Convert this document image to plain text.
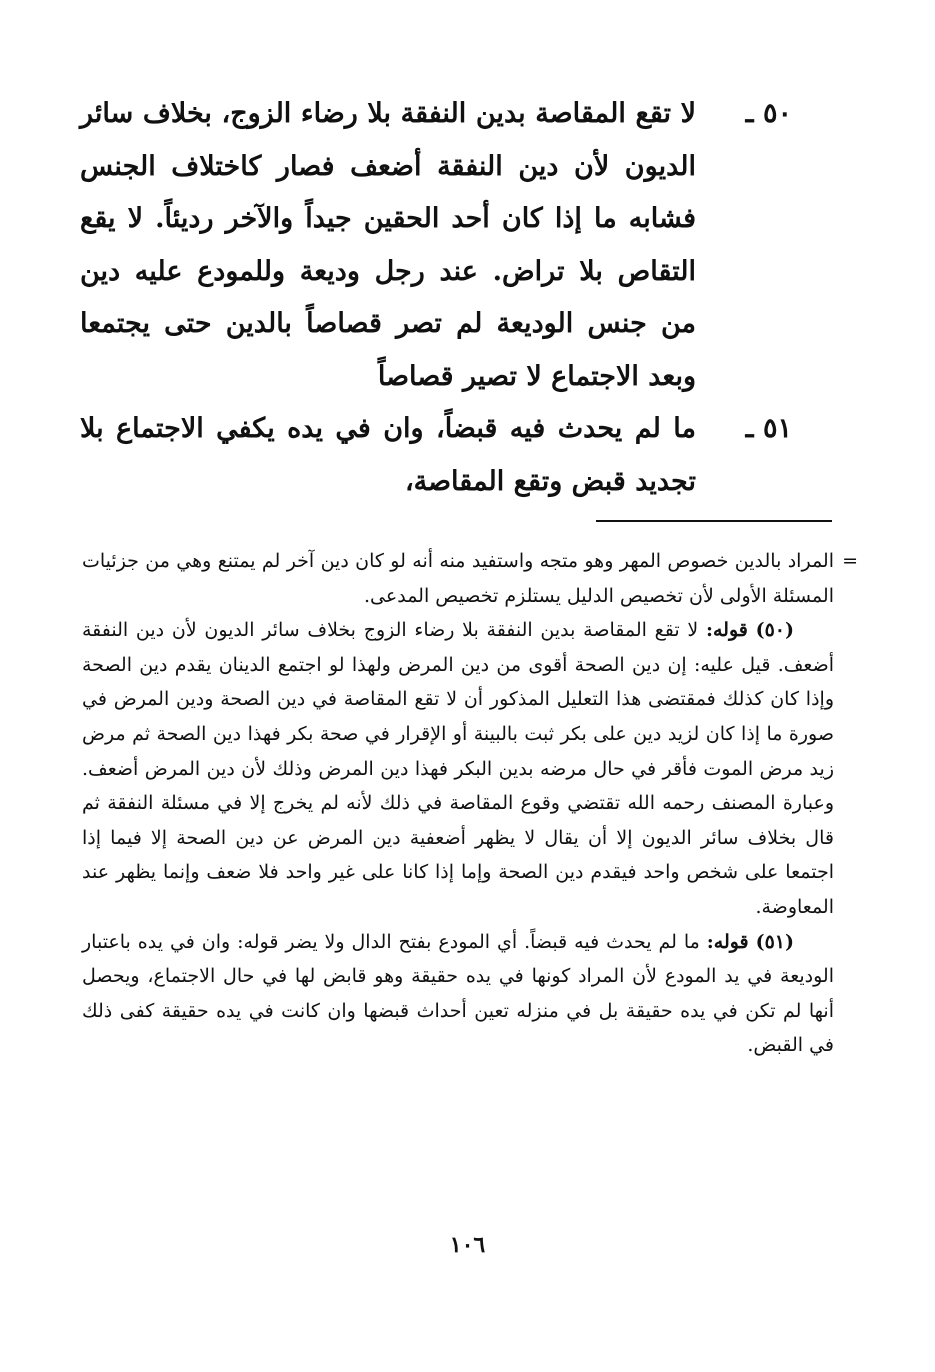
٥٠ ـ
لا تقع المقاصة بدين النفقة بلا رضاء الزوج، بخلاف سائر الديون لأن دين النفقة أضعف فصار كاختلاف الجنس فشابه ما إذا كان أحد الحقين جيداً والآخر رديئاً. لا يقع التقاص بلا تراض. عند رجل وديعة وللمودع عليه دين من جنس الوديعة لم تصر قصاصاً بالدين حتى يجتمعا وبعد الاجتماع لا تصير قصاصاً
٥١ ـ
ما لم يحدث فيه قبضاً، وان في يده يكفي الاجتماع بلا تجديد قبض وتقع المقاصة،

=
المراد بالدين خصوص المهر وهو متجه واستفيد منه أنه لو كان دين آخر لم يمتنع وهي من جزئيات المسئلة الأولى لأن تخصيص الدليل يستلزم تخصيص المدعى.

(٥٠) قوله: لا تقع المقاصة بدين النفقة بلا رضاء الزوج بخلاف سائر الديون لأن دين النفقة أضعف. قيل عليه: إن دين الصحة أقوى من دين المرض ولهذا لو اجتمع الدينان يقدم دين الصحة وإذا كان كذلك فمقتضى هذا التعليل المذكور أن لا تقع المقاصة في دين الصحة ودين المرض في صورة ما إذا كان لزيد دين على بكر ثبت بالبينة أو الإقرار في صحة بكر فهذا دين الصحة ثم مرض زيد مرض الموت فأقر في حال مرضه بدين البكر فهذا دين المرض وذلك لأن دين المرض أضعف. وعبارة المصنف رحمه الله تقتضي وقوع المقاصة في ذلك لأنه لم يخرج إلا في مسئلة النفقة ثم قال بخلاف سائر الديون إلا أن يقال لا يظهر أضعفية دين المرض عن دين الصحة إلا فيما إذا اجتمعا على شخص واحد فيقدم دين الصحة وإما إذا كانا على غير واحد فلا ضعف وإنما يظهر عند المعاوضة.

(٥١) قوله: ما لم يحدث فيه قبضاً. أي المودع بفتح الدال ولا يضر قوله: وان في يده باعتبار الوديعة في يد المودع لأن المراد كونها في يده حقيقة وهو قابض لها في حال الاجتماع، ويحصل أنها لم تكن في يده حقيقة بل في منزله تعين أحداث قبضها وان كانت في يده حقيقة كفى ذلك في القبض.

١٠٦
